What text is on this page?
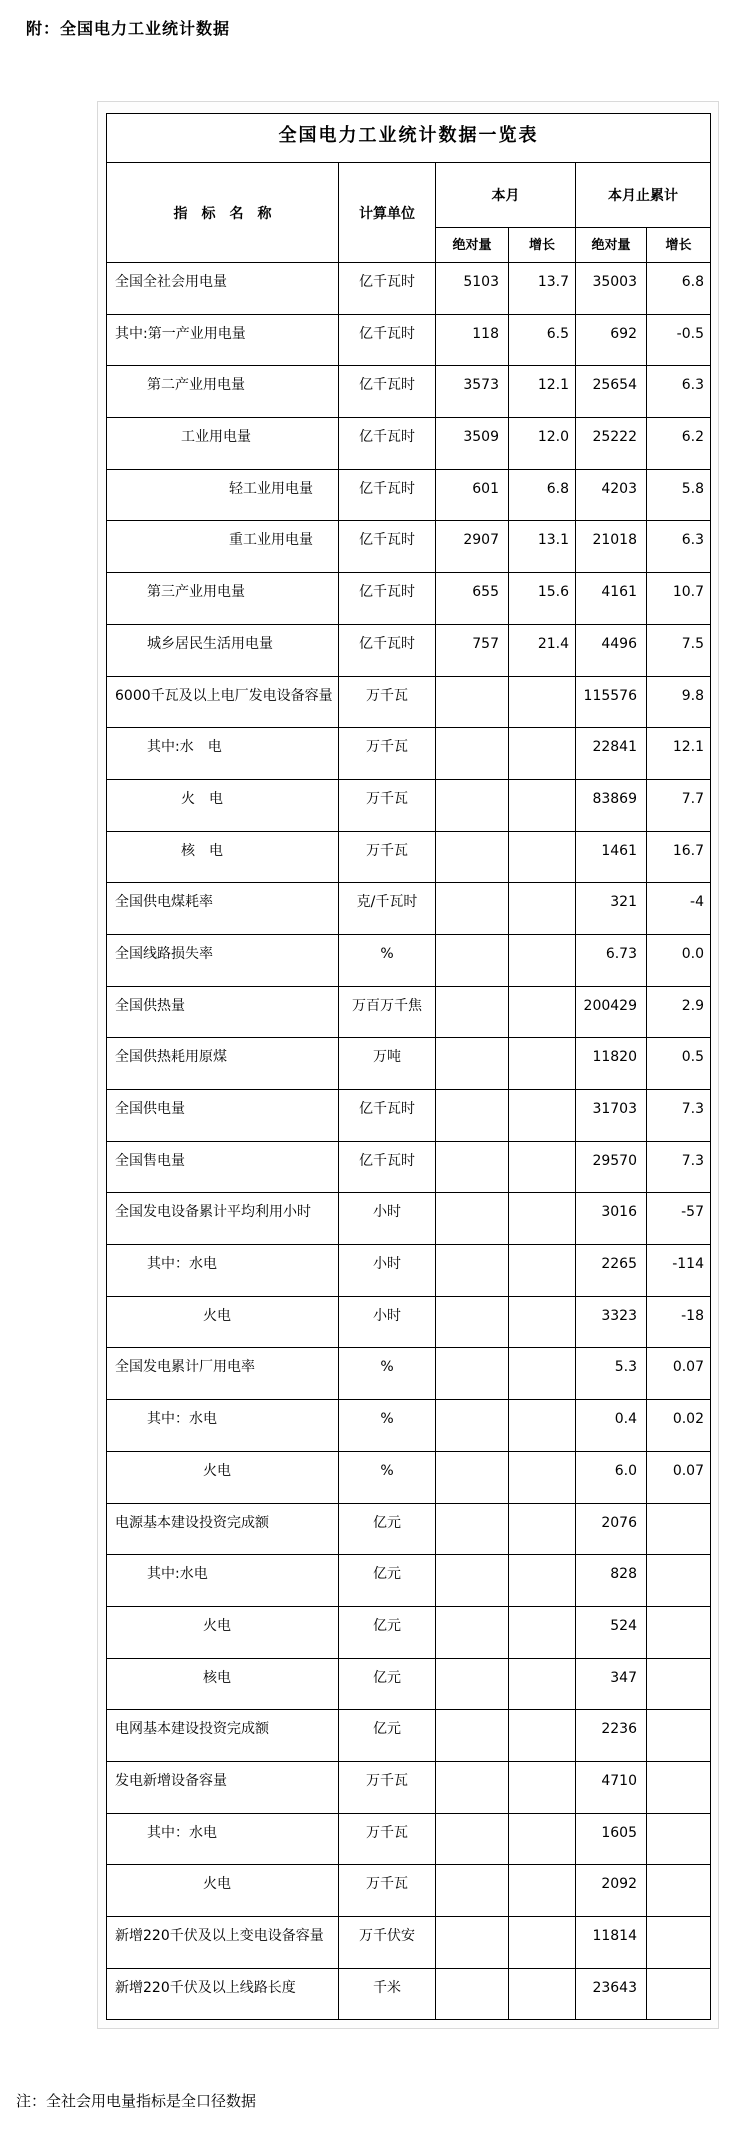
附：全国电力工业统计数据
全国电力工业统计数据一览表					
指　标　名　称	计算单位	本月		本月止累计	
		绝对量	增长	绝对量	增长
全国全社会用电量	亿千瓦时	5103	13.7	35003	6.8
其中:第一产业用电量	亿千瓦时	118	6.5	692	-0.5
第二产业用电量	亿千瓦时	3573	12.1	25654	6.3
工业用电量	亿千瓦时	3509	12.0	25222	6.2
轻工业用电量	亿千瓦时	601	6.8	4203	5.8
重工业用电量	亿千瓦时	2907	13.1	21018	6.3
第三产业用电量	亿千瓦时	655	15.6	4161	10.7
城乡居民生活用电量	亿千瓦时	757	21.4	4496	7.5
6000千瓦及以上电厂发电设备容量	万千瓦			115576	9.8
其中:水　电	万千瓦			22841	12.1
火　电	万千瓦			83869	7.7
核　电	万千瓦			1461	16.7
全国供电煤耗率	克/千瓦时			321	-4
全国线路损失率	%			6.73	0.0
全国供热量	万百万千焦			200429	2.9
全国供热耗用原煤	万吨			11820	0.5
全国供电量	亿千瓦时			31703	7.3
全国售电量	亿千瓦时			29570	7.3
全国发电设备累计平均利用小时	小时			3016	-57
其中：水电	小时			2265	-114
火电	小时			3323	-18
全国发电累计厂用电率	%			5.3	0.07
其中：水电	%			0.4	0.02
火电	%			6.0	0.07
电源基本建设投资完成额	亿元			2076	
其中:水电	亿元			828	
火电	亿元			524	
核电	亿元			347	
电网基本建设投资完成额	亿元			2236	
发电新增设备容量	万千瓦			4710	
其中：水电	万千瓦			1605	
火电	万千瓦			2092	
新增220千伏及以上变电设备容量	万千伏安			11814	
新增220千伏及以上线路长度	千米			23643	
注：全社会用电量指标是全口径数据
